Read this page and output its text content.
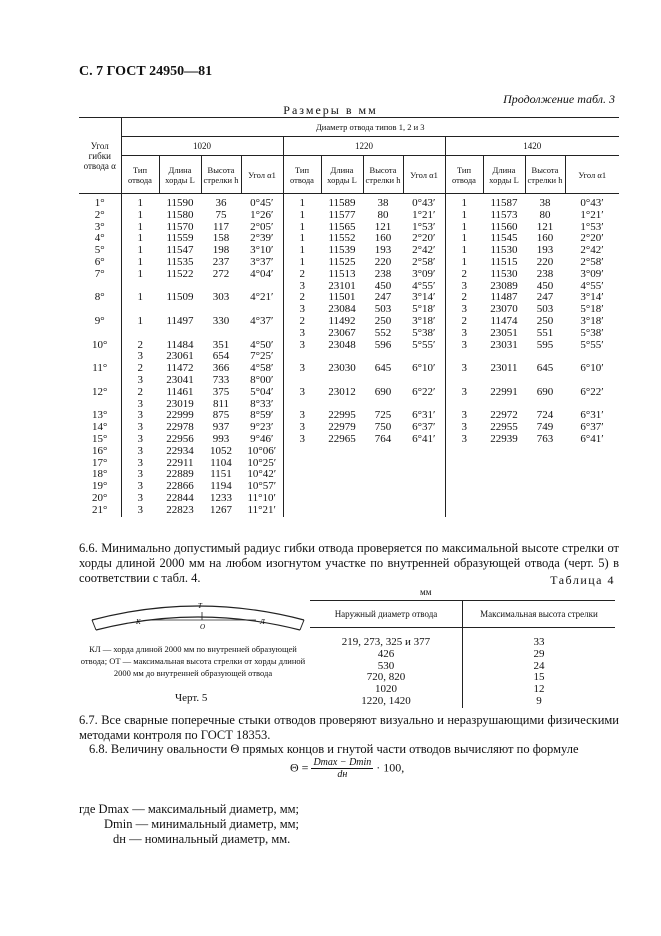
С. 7 ГОСТ 24950—81
Продолжение табл. 3
Размеры в мм
Угол гибки отвода α	Диаметр отвода типов 1, 2 и 3											
	1020				1220				1420			
	Тип отвода	Длина хорды L	Высота стрелки h	Угол α1	Тип отвода	Длина хорды L	Высота стрелки h	Угол α1	Тип отвода	Длина хорды L	Высота стрелки h	Угол α1
1°	1	11590	36	0°45′	1	11589	38	0°43′	1	11587	38	0°43′
2°	1	11580	75	1°26′	1	11577	80	1°21′	1	11573	80	1°21′
3°	1	11570	117	2°05′	1	11565	121	1°53′	1	11560	121	1°53′
4°	1	11559	158	2°39′	1	11552	160	2°20′	1	11545	160	2°20′
5°	1	11547	198	3°10′	1	11539	193	2°42′	1	11530	193	2°42′
6°	1	11535	237	3°37′	1	11525	220	2°58′	1	11515	220	2°58′
7°	1	11522	272	4°04′	2	11513	238	3°09′	2	11530	238	3°09′
					3	23101	450	4°55′	3	23089	450	4°55′
8°	1	11509	303	4°21′	2	11501	247	3°14′	2	11487	247	3°14′
					3	23084	503	5°18′	3	23070	503	5°18′
9°	1	11497	330	4°37′	2	11492	250	3°18′	2	11474	250	3°18′
					3	23067	552	5°38′	3	23051	551	5°38′
10°	2	11484	351	4°50′	3	23048	596	5°55′	3	23031	595	5°55′
	3	23061	654	7°25′								
11°	2	11472	366	4°58′	3	23030	645	6°10′	3	23011	645	6°10′
	3	23041	733	8°00′								
12°	2	11461	375	5°04′	3	23012	690	6°22′	3	22991	690	6°22′
	3	23019	811	8°33′								
13°	3	22999	875	8°59′	3	22995	725	6°31′	3	22972	724	6°31′
14°	3	22978	937	9°23′	3	22979	750	6°37′	3	22955	749	6°37′
15°	3	22956	993	9°46′	3	22965	764	6°41′	3	22939	763	6°41′
16°	3	22934	1052	10°06′								
17°	3	22911	1104	10°25′								
18°	3	22889	1151	10°42′								
19°	3	22866	1194	10°57′								
20°	3	22844	1233	11°10′								
21°	3	22823	1267	11°21′								
6.6. Минимально допустимый радиус гибки отвода проверяется по максимальной высоте стрелки от хорды длиной 2000 мм на любом изогнутом участке по внутренней образующей отвода (черт. 5) в соответствии с табл. 4.
К
О
Т
Л
КЛ — хорда длиной 2000 мм по внутренней образующей отвода; ОТ — максимальная высота стрелки от хорды длиной 2000 мм до внутренней образующей отвода
Черт. 5
Таблица 4
мм
Наружный диаметр отвода	Максимальная высота стрелки
219, 273, 325 и 377	33
426	29
530	24
720, 820	15
1020	12
1220, 1420	9
6.7. Все сварные поперечные стыки отводов проверяют визуально и неразрушающими физическими методами контроля по ГОСТ 18353.
6.8. Величину овальности Θ прямых концов и гнутой части отводов вычисляют по формуле
$\Theta = \frac{Dmax - Dmin}{dн} \cdot 100$,
где Dmax — максимальный диаметр, мм;
Dmin — минимальный диаметр, мм;
dн — номинальный диаметр, мм.
